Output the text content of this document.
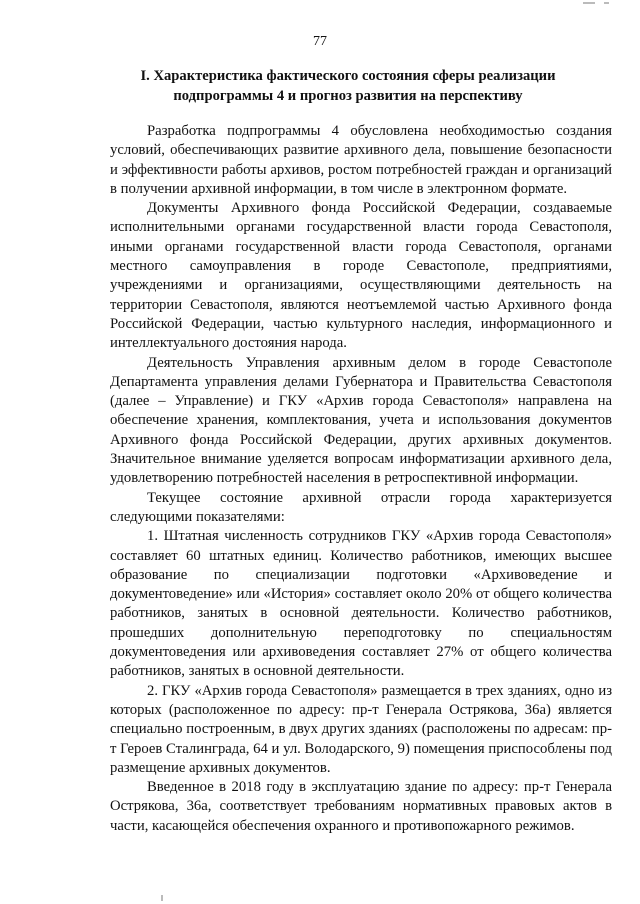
77
I. Характеристика фактического состояния сферы реализации
подпрограммы 4 и прогноз развития на перспективу

Разработка подпрограммы 4 обусловлена необходимостью создания условий, обеспечивающих развитие архивного дела, повышение безопасности и эффективности работы архивов, ростом потребностей граждан и организаций в получении архивной информации, в том числе в электронном формате.

Документы Архивного фонда Российской Федерации, создаваемые исполнительными органами государственной власти города Севастополя, иными органами государственной власти города Севастополя, органами местного самоуправления в городе Севастополе, предприятиями, учреждениями и организациями, осуществляющими деятельность на территории Севастополя, являются неотъемлемой частью Архивного фонда Российской Федерации, частью культурного наследия, информационного и интеллектуального достояния народа.

Деятельность Управления архивным делом в городе Севастополе Департамента управления делами Губернатора и Правительства Севастополя (далее – Управление) и ГКУ «Архив города Севастополя» направлена на обеспечение хранения, комплектования, учета и использования документов Архивного фонда Российской Федерации, других архивных документов. Значительное внимание уделяется вопросам информатизации архивного дела, удовлетворению потребностей населения в ретроспективной информации.

Текущее состояние архивной отрасли города характеризуется следующими показателями:

1. Штатная численность сотрудников ГКУ «Архив города Севастополя» составляет 60 штатных единиц. Количество работников, имеющих высшее образование по специализации подготовки «Архивоведение и документоведение» или «История» составляет около 20% от общего количества работников, занятых в основной деятельности. Количество работников, прошедших дополнительную переподготовку по специальностям документоведения или архивоведения составляет 27% от общего количества работников, занятых в основной деятельности.

2. ГКУ «Архив города Севастополя» размещается в трех зданиях, одно из которых (расположенное по адресу: пр-т Генерала Острякова, 36а) является специально построенным, в двух других зданиях (расположены по адресам: пр-т Героев Сталинграда, 64 и ул. Володарского, 9) помещения приспособлены под размещение архивных документов.

Введенное в 2018 году в эксплуатацию здание по адресу: пр-т Генерала Острякова, 36а, соответствует требованиям нормативных правовых актов в части, касающейся обеспечения охранного и противопожарного режимов.
